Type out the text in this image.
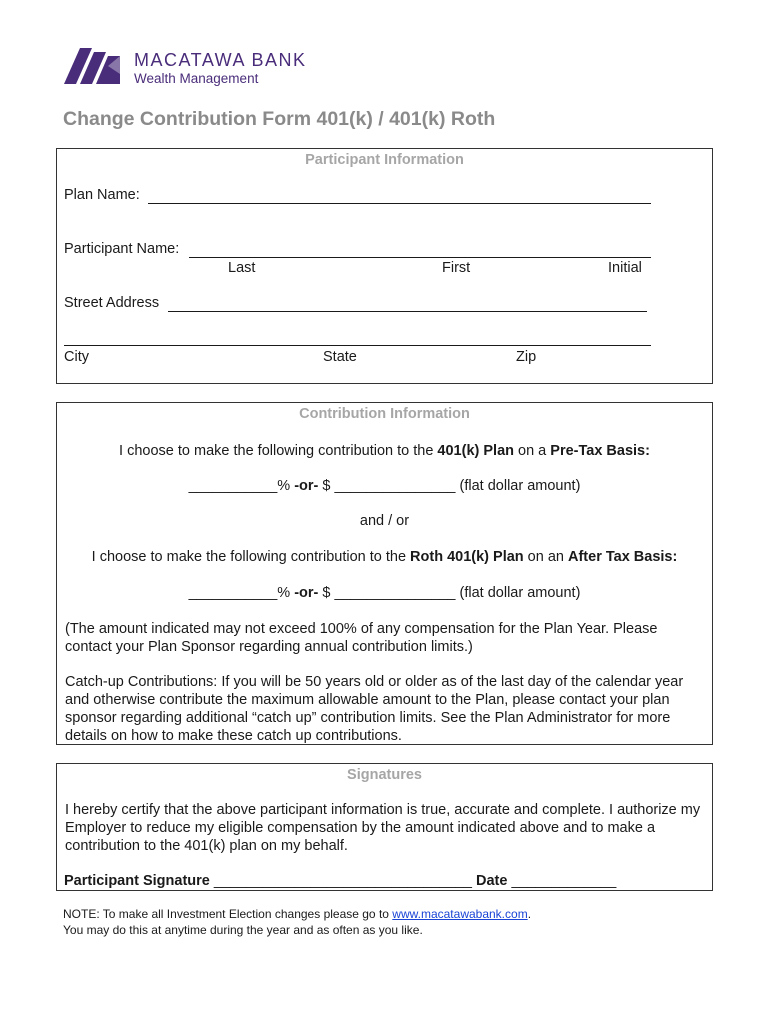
MACATAWA BANK
Wealth Management
Change Contribution Form 401(k) / 401(k) Roth
Participant Information
Plan Name:
Participant Name:
Last	First	Initial
Street Address
City	State	Zip
Contribution Information
I choose to make the following contribution to the 401(k) Plan on a Pre-Tax Basis:
___________% -or- $ _______________ (flat dollar amount)
and / or
I choose to make the following contribution to the Roth 401(k) Plan on an After Tax Basis:
___________% -or- $ _______________ (flat dollar amount)
(The amount indicated may not exceed 100% of any compensation for the Plan Year. Please contact your Plan Sponsor regarding annual contribution limits.)
Catch-up Contributions: If you will be 50 years old or older as of the last day of the calendar year and otherwise contribute the maximum allowable amount to the Plan, please contact your plan sponsor regarding additional “catch up” contribution limits. See the Plan Administrator for more details on how to make these catch up contributions.
Signatures
I hereby certify that the above participant information is true, accurate and complete. I authorize my Employer to reduce my eligible compensation by the amount indicated above and to make a contribution to the 401(k) plan on my behalf.
Participant Signature ________________________________ Date _____________
NOTE: To make all Investment Election changes please go to www.macatawabank.com.
You may do this at anytime during the year and as often as you like.
